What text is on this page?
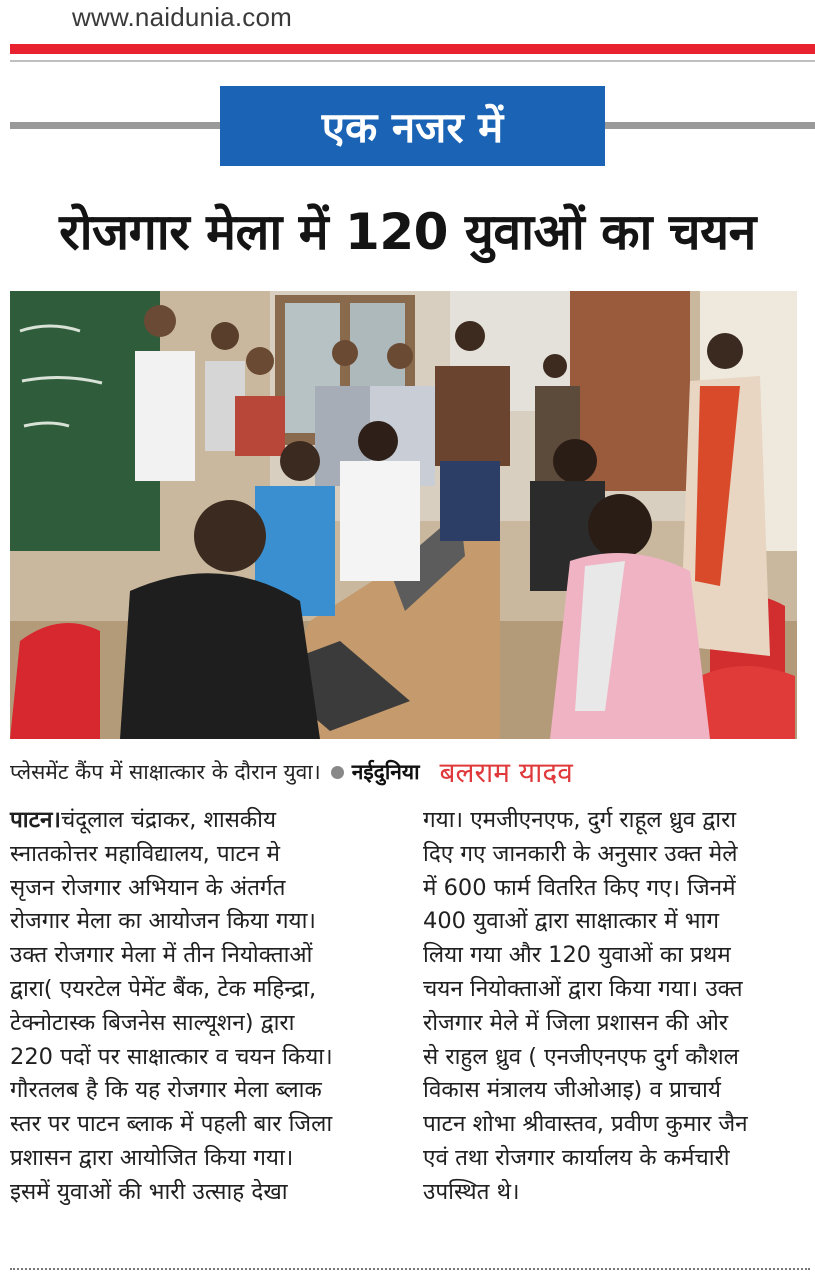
www.naidunia.com
एक नजर में
रोजगार मेला में 120 युवाओं का चयन
प्लेसमेंट कैंप में साक्षात्कार के दौरान युवा। नईदुनिया बलराम यादव

पाटन।चंदूलाल चंद्राकर, शासकीय
स्नातकोत्तर महाविद्यालय, पाटन मे
सृजन रोजगार अभियान के अंतर्गत
रोजगार मेला का आयोजन किया गया।
उक्त रोजगार मेला में तीन नियोक्ताओं
द्वारा( एयरटेल पेमेंट बैंक, टेक महिन्द्रा,
टेक्नोटास्क बिजनेस साल्यूशन) द्वारा
220 पदों पर साक्षात्कार व चयन किया।
गौरतलब है कि यह रोजगार मेला ब्लाक
स्तर पर पाटन ब्लाक में पहली बार जिला
प्रशासन द्वारा आयोजित किया गया।
इसमें युवाओं की भारी उत्साह देखा

गया। एमजीएनएफ, दुर्ग राहूल ध्रुव द्वारा
दिए गए जानकारी के अनुसार उक्त मेले
में 600 फार्म वितरित किए गए। जिनमें
400 युवाओं द्वारा साक्षात्कार में भाग
लिया गया और 120 युवाओं का प्रथम
चयन नियोक्ताओं द्वारा किया गया। उक्त
रोजगार मेले में जिला प्रशासन की ओर
से राहुल ध्रुव ( एनजीएनएफ दुर्ग कौशल
विकास मंत्रालय जीओआइ) व प्राचार्य
पाटन शोभा श्रीवास्तव, प्रवीण कुमार जैन
एवं तथा रोजगार कार्यालय के कर्मचारी
उपस्थित थे।
